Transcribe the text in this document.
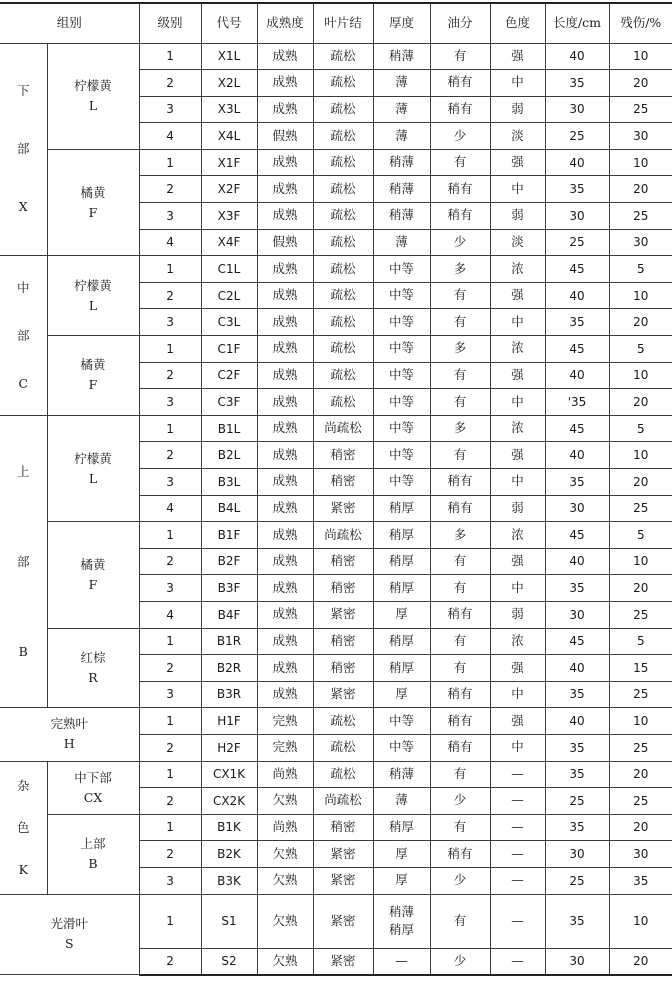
组别		级别	代号	成熟度	叶片结	厚度	油分	色度	长度/cm	残伤/%

下
部
X	柠檬黄
L	1	X1L	成熟	疏松	稍薄	有	强	40	10
		2	X2L	成熟	疏松	薄	稍有	中	35	20
		3	X3L	成熟	疏松	薄	稍有	弱	30	25
		4	X4L	假熟	疏松	薄	少	淡	25	30

	橘黄
F	1	X1F	成熟	疏松	稍薄	有	强	40	10
		2	X2F	成熟	疏松	稍薄	稍有	中	35	20
		3	X3F	成熟	疏松	稍薄	稍有	弱	30	25
		4	X4F	假熟	疏松	薄	少	淡	25	30

中
部
C	柠檬黄
L	1	C1L	成熟	疏松	中等	多	浓	45	5
		2	C2L	成熟	疏松	中等	有	强	40	10
		3	C3L	成熟	疏松	中等	有	中	35	20

	橘黄
F	1	C1F	成熟	疏松	中等	多	浓	45	5
		2	C2F	成熟	疏松	中等	有	强	40	10
		3	C3F	成熟	疏松	中等	有	中	'35	20

上
部
B	柠檬黄
L	1	B1L	成熟	尚疏松	中等	多	浓	45	5
		2	B2L	成熟	稍密	中等	有	强	40	10
		3	B3L	成熟	稍密	中等	稍有	中	35	20
		4	B4L	成熟	紧密	稍厚	稍有	弱	30	25

	橘黄
F	1	B1F	成熟	尚疏松	稍厚	多	浓	45	5
		2	B2F	成熟	稍密	稍厚	有	强	40	10
		3	B3F	成熟	稍密	稍厚	有	中	35	20
		4	B4F	成熟	紧密	厚	稍有	弱	30	25

	红棕
R	1	B1R	成熟	稍密	稍厚	有	浓	45	5
		2	B2R	成熟	稍密	稍厚	有	强	40	15
		3	B3R	成熟	紧密	厚	稍有	中	35	25

完熟叶
H		1	H1F	完熟	疏松	中等	稍有	强	40	10
		2	H2F	完熟	疏松	中等	稍有	中	35	25

杂
色
K	中下部
CX	1	CX1K	尚熟	疏松	稍薄	有	—	35	20
		2	CX2K	欠熟	尚疏松	薄	少	—	25	25

	上部
B	1	B1K	尚熟	稍密	稍厚	有	—	35	20
		2	B2K	欠熟	紧密	厚	稍有	—	30	30
		3	B3K	欠熟	紧密	厚	少	—	25	35

光滑叶
S		1	S1	欠熟	紧密	稍薄
稍厚	有	—	35	10
		2	S2	欠熟	紧密	—	少	—	30	20
